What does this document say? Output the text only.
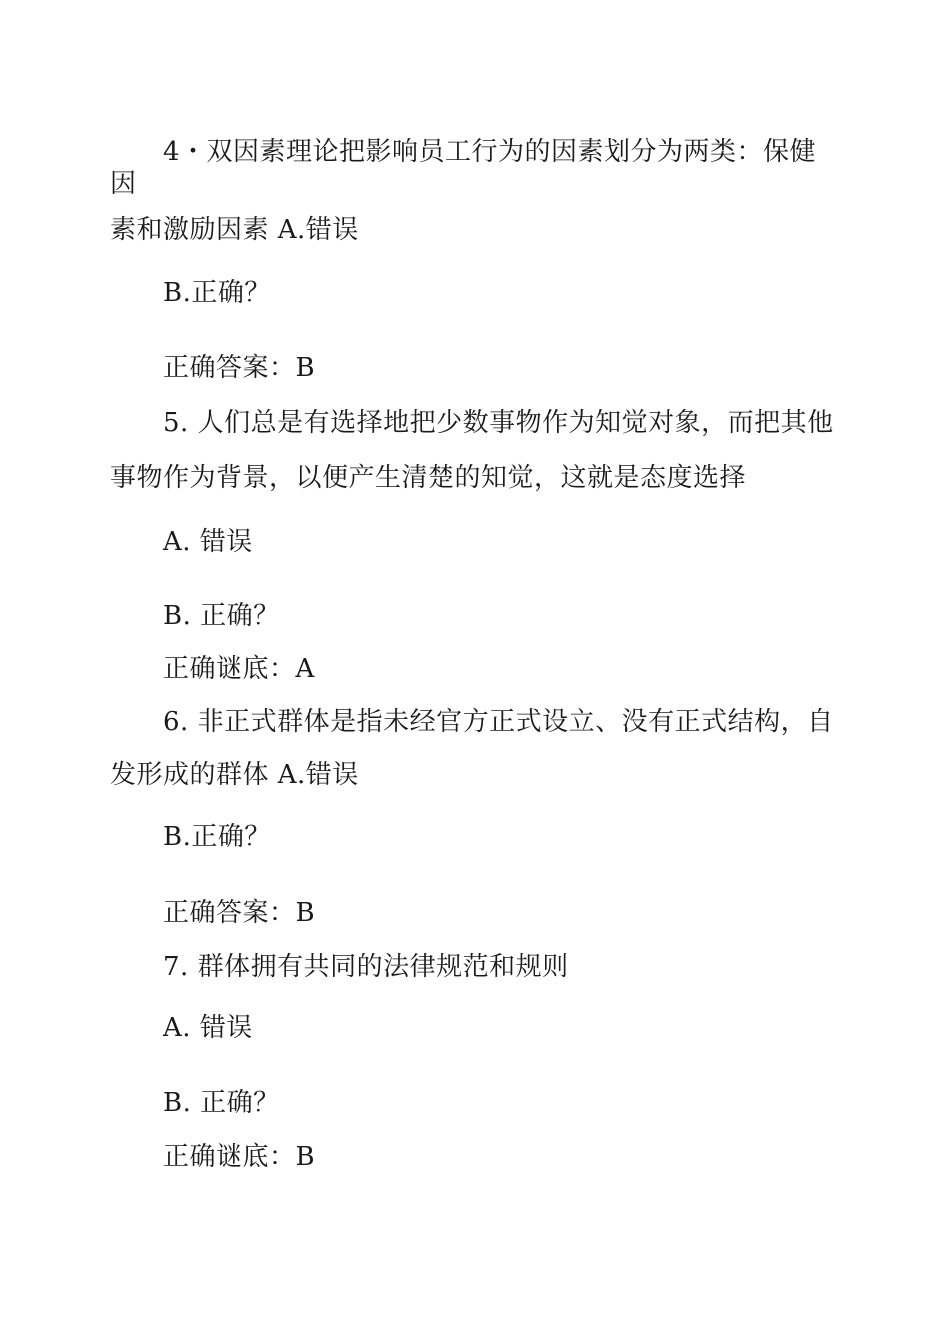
4・双因素理论把影响员工行为的因素划分为两类：保健
因
素和激励因素 A.错误
B.正确？
正确答案：B
5. 人们总是有选择地把少数事物作为知觉对象，而把其他
事物作为背景，以便产生清楚的知觉，这就是态度选择
A. 错误
B. 正确？
正确谜底：A
6. 非正式群体是指未经官方正式设立、没有正式结构，自
发形成的群体 A.错误
B.正确？
正确答案：B
7. 群体拥有共同的法律规范和规则
A. 错误
B. 正确？
正确谜底：B
